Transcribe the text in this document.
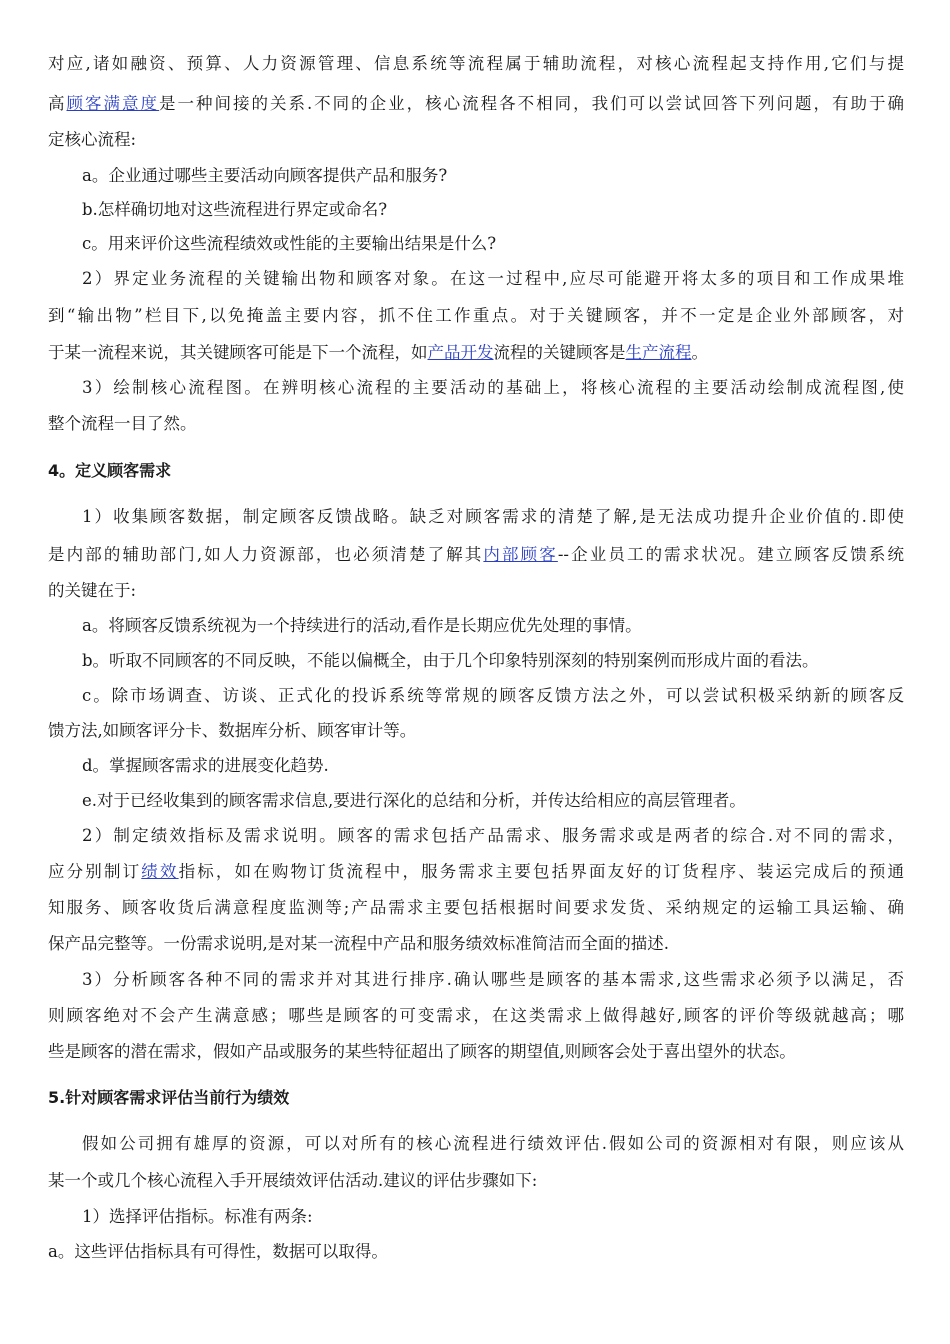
对应,诸如融资、预算、人力资源管理、信息系统等流程属于辅助流程，对核心流程起支持作用,它们与提
高顾客满意度是一种间接的关系.不同的企业，核心流程各不相同，我们可以尝试回答下列问题，有助于确
定核心流程:
a。企业通过哪些主要活动向顾客提供产品和服务?
b.怎样确切地对这些流程进行界定或命名?
c。用来评价这些流程绩效或性能的主要输出结果是什么?
2）界定业务流程的关键输出物和顾客对象。在这一过程中,应尽可能避开将太多的项目和工作成果堆
到“输出物”栏目下,以免掩盖主要内容，抓不住工作重点。对于关键顾客，并不一定是企业外部顾客，对
于某一流程来说，其关键顾客可能是下一个流程，如产品开发流程的关键顾客是生产流程。
3）绘制核心流程图。在辨明核心流程的主要活动的基础上，将核心流程的主要活动绘制成流程图,使
整个流程一目了然。
4。定义顾客需求
1）收集顾客数据，制定顾客反馈战略。缺乏对顾客需求的清楚了解,是无法成功提升企业价值的.即使
是内部的辅助部门,如人力资源部，也必须清楚了解其内部顾客--企业员工的需求状况。建立顾客反馈系统
的关键在于:
a。将顾客反馈系统视为一个持续进行的活动,看作是长期应优先处理的事情。
b。听取不同顾客的不同反映，不能以偏概全，由于几个印象特别深刻的特别案例而形成片面的看法。
c。除市场调查、访谈、正式化的投诉系统等常规的顾客反馈方法之外，可以尝试积极采纳新的顾客反
馈方法,如顾客评分卡、数据库分析、顾客审计等。
d。掌握顾客需求的进展变化趋势.
e.对于已经收集到的顾客需求信息,要进行深化的总结和分析，并传达给相应的高层管理者。
2）制定绩效指标及需求说明。顾客的需求包括产品需求、服务需求或是两者的综合.对不同的需求，
应分别制订绩效指标，如在购物订货流程中，服务需求主要包括界面友好的订货程序、装运完成后的预通
知服务、顾客收货后满意程度监测等;产品需求主要包括根据时间要求发货、采纳规定的运输工具运输、确
保产品完整等。一份需求说明,是对某一流程中产品和服务绩效标准简洁而全面的描述.
3）分析顾客各种不同的需求并对其进行排序.确认哪些是顾客的基本需求,这些需求必须予以满足，否
则顾客绝对不会产生满意感；哪些是顾客的可变需求，在这类需求上做得越好,顾客的评价等级就越高；哪
些是顾客的潜在需求，假如产品或服务的某些特征超出了顾客的期望值,则顾客会处于喜出望外的状态。
5.针对顾客需求评估当前行为绩效
假如公司拥有雄厚的资源，可以对所有的核心流程进行绩效评估.假如公司的资源相对有限，则应该从
某一个或几个核心流程入手开展绩效评估活动.建议的评估步骤如下:
1）选择评估指标。标准有两条:
a。这些评估指标具有可得性，数据可以取得。
